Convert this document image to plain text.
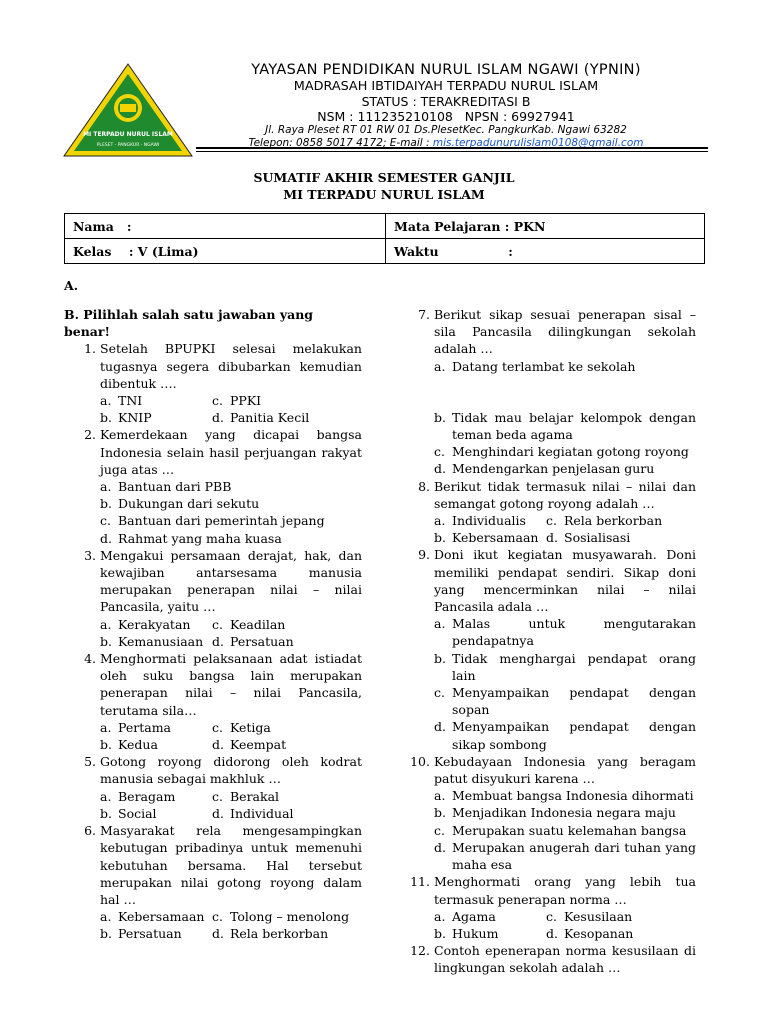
MI TERPADU NURUL ISLAM
PLESET - PANGKUR - NGAWI
YAYASAN PENDIDIKAN NURUL ISLAM NGAWI (YPNIN)
MADRASAH IBTIDAIYAH TERPADU NURUL ISLAM
STATUS : TERAKREDITASI B
NSM : 111235210108   NPSN : 69927941
Jl. Raya Pleset RT 01 RW 01 Ds.PlesetKec. PangkurKab. Ngawi 63282
Telepon: 0858 5017 4172; E-mail : mis.terpadunurulislam0108@gmail.com
SUMATIF AKHIR SEMESTER GANJIL
MI TERPADU NURUL ISLAM
Nama   :	Mata Pelajaran : PKN
Kelas    : V (Lima)	Waktu                :
A.
B. Pilihlah salah satu jawaban yang benar!
1. Setelah BPUPKI selesai melakukan tugasnya segera dibubarkan kemudian dibentuk ….
a. TNI	c. PPKI
b. KNIP	d. Panitia Kecil
2. Kemerdekaan yang dicapai bangsa Indonesia selain hasil perjuangan rakyat juga atas …
a. Bantuan dari PBB
b. Dukungan dari sekutu
c. Bantuan dari pemerintah jepang
d. Rahmat yang maha kuasa
3. Mengakui persamaan derajat, hak, dan kewajiban antarsesama manusia merupakan penerapan nilai – nilai Pancasila, yaitu …
a. Kerakyatan	c. Keadilan
b. Kemanusiaan d. Persatuan
4. Menghormati pelaksanaan adat istiadat oleh suku bangsa lain merupakan penerapan nilai – nilai Pancasila, terutama sila…
a. Pertama	c. Ketiga
b. Kedua	d. Keempat
5. Gotong royong didorong oleh kodrat manusia sebagai makhluk …
a. Beragam	c. Berakal
b. Social	d. Individual
6. Masyarakat rela mengesampingkan kebutugan pribadinya untuk memenuhi kebutuhan bersama. Hal tersebut merupakan nilai gotong royong dalam hal …
a. Kebersamaan c. Tolong – menolong
b. Persatuan	d. Rela berkorban
7. Berikut sikap sesuai penerapan sisal – sila Pancasila dilingkungan sekolah adalah …
a. Datang terlambat ke sekolah
b. Tidak mau belajar kelompok dengan teman beda agama
c. Menghindari kegiatan gotong royong
d. Mendengarkan penjelasan guru
8. Berikut tidak termasuk nilai – nilai dan semangat gotong royong adalah …
a. Individualis	c. Rela berkorban
b. Kebersamaan d. Sosialisasi
9. Doni ikut kegiatan musyawarah. Doni memiliki pendapat sendiri. Sikap doni yang mencerminkan nilai – nilai Pancasila adala …
a. Malas untuk mengutarakan pendapatnya
b. Tidak menghargai pendapat orang lain
c. Menyampaikan pendapat dengan sopan
d. Menyampaikan pendapat dengan sikap sombong
10. Kebudayaan Indonesia yang beragam patut disyukuri karena …
a. Membuat bangsa Indonesia dihormati
b. Menjadikan Indonesia negara maju
c. Merupakan suatu kelemahan bangsa
d. Merupakan anugerah dari tuhan yang maha esa
11. Menghormati orang yang lebih tua termasuk penerapan norma …
a. Agama	c. Kesusilaan
b. Hukum	d. Kesopanan
12. Contoh epenerapan norma kesusilaan di lingkungan sekolah adalah …
